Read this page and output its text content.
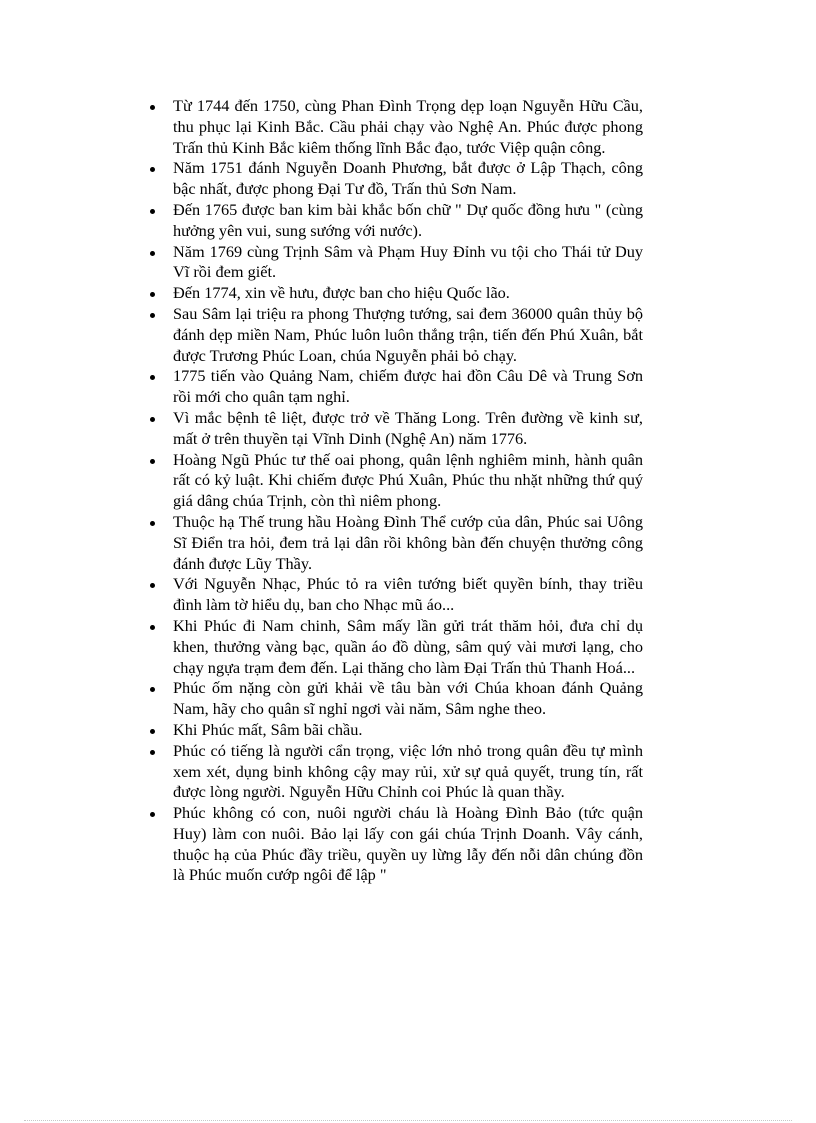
Từ 1744 đến 1750, cùng Phan Đình Trọng dẹp loạn Nguyễn Hữu Cầu, thu phục lại Kinh Bắc. Cầu phải chạy vào Nghệ An. Phúc được phong Trấn thủ Kinh Bắc kiêm thống lĩnh Bắc đạo, tước Việp quận công.
Năm 1751 đánh Nguyễn Doanh Phương, bắt được ở Lập Thạch, công bậc nhất, được phong Đại Tư đồ, Trấn thủ Sơn Nam.
Đến 1765 được ban kim bài khắc bốn chữ " Dự quốc đồng hưu " (cùng hưởng yên vui, sung sướng với nước).
Năm 1769 cùng Trịnh Sâm và Phạm Huy Đỉnh vu tội cho Thái tử Duy Vĩ rồi đem giết.
Đến 1774, xin về hưu, được ban cho hiệu Quốc lão.
Sau Sâm lại triệu ra phong Thượng tướng, sai đem 36000 quân thủy bộ đánh dẹp miền Nam, Phúc luôn luôn thắng trận, tiến đến Phú Xuân, bắt được Trương Phúc Loan, chúa Nguyễn phải bỏ chạy.
1775 tiến vào Quảng Nam, chiếm được hai đồn Câu Dê và Trung Sơn rồi mới cho quân tạm nghỉ.
Vì mắc bệnh tê liệt, được trở về Thăng Long. Trên đường về kinh sư, mất ở trên thuyền tại Vĩnh Dinh (Nghệ An) năm 1776.
Hoàng Ngũ Phúc tư thế oai phong, quân lệnh nghiêm minh, hành quân rất có kỷ luật. Khi chiếm được Phú Xuân, Phúc thu nhặt những thứ quý giá dâng chúa Trịnh, còn thì niêm phong.
Thuộc hạ Thế trung hầu Hoàng Đình Thể cướp của dân, Phúc sai Uông Sĩ Điển tra hỏi, đem trả lại dân rồi không bàn đến chuyện thưởng công đánh được Lũy Thầy.
Với Nguyễn Nhạc, Phúc tỏ ra viên tướng biết quyền bính, thay triều đình làm tờ hiểu dụ, ban cho Nhạc mũ áo...
Khi Phúc đi Nam chinh, Sâm mấy lần gửi trát thăm hỏi, đưa chỉ dụ khen, thưởng vàng bạc, quần áo đồ dùng, sâm quý vài mươi lạng, cho chạy ngựa trạm đem đến. Lại thăng cho làm Đại Trấn thủ Thanh Hoá...
Phúc ốm nặng còn gửi khải về tâu bàn với Chúa khoan đánh Quảng Nam, hãy cho quân sĩ nghỉ ngơi vài năm, Sâm nghe theo.
Khi Phúc mất, Sâm bãi chầu.
Phúc có tiếng là người cẩn trọng, việc lớn nhỏ trong quân đều tự mình xem xét, dụng binh không cậy may rủi, xử sự quả quyết, trung tín, rất được lòng người. Nguyễn Hữu Chỉnh coi Phúc là quan thầy.
Phúc không có con, nuôi người cháu là Hoàng Đình Bảo (tức quận Huy) làm con nuôi. Bảo lại lấy con gái chúa Trịnh Doanh. Vây cánh, thuộc hạ của Phúc đầy triều, quyền uy lừng lẫy đến nỗi dân chúng đồn là Phúc muốn cướp ngôi để lập "
